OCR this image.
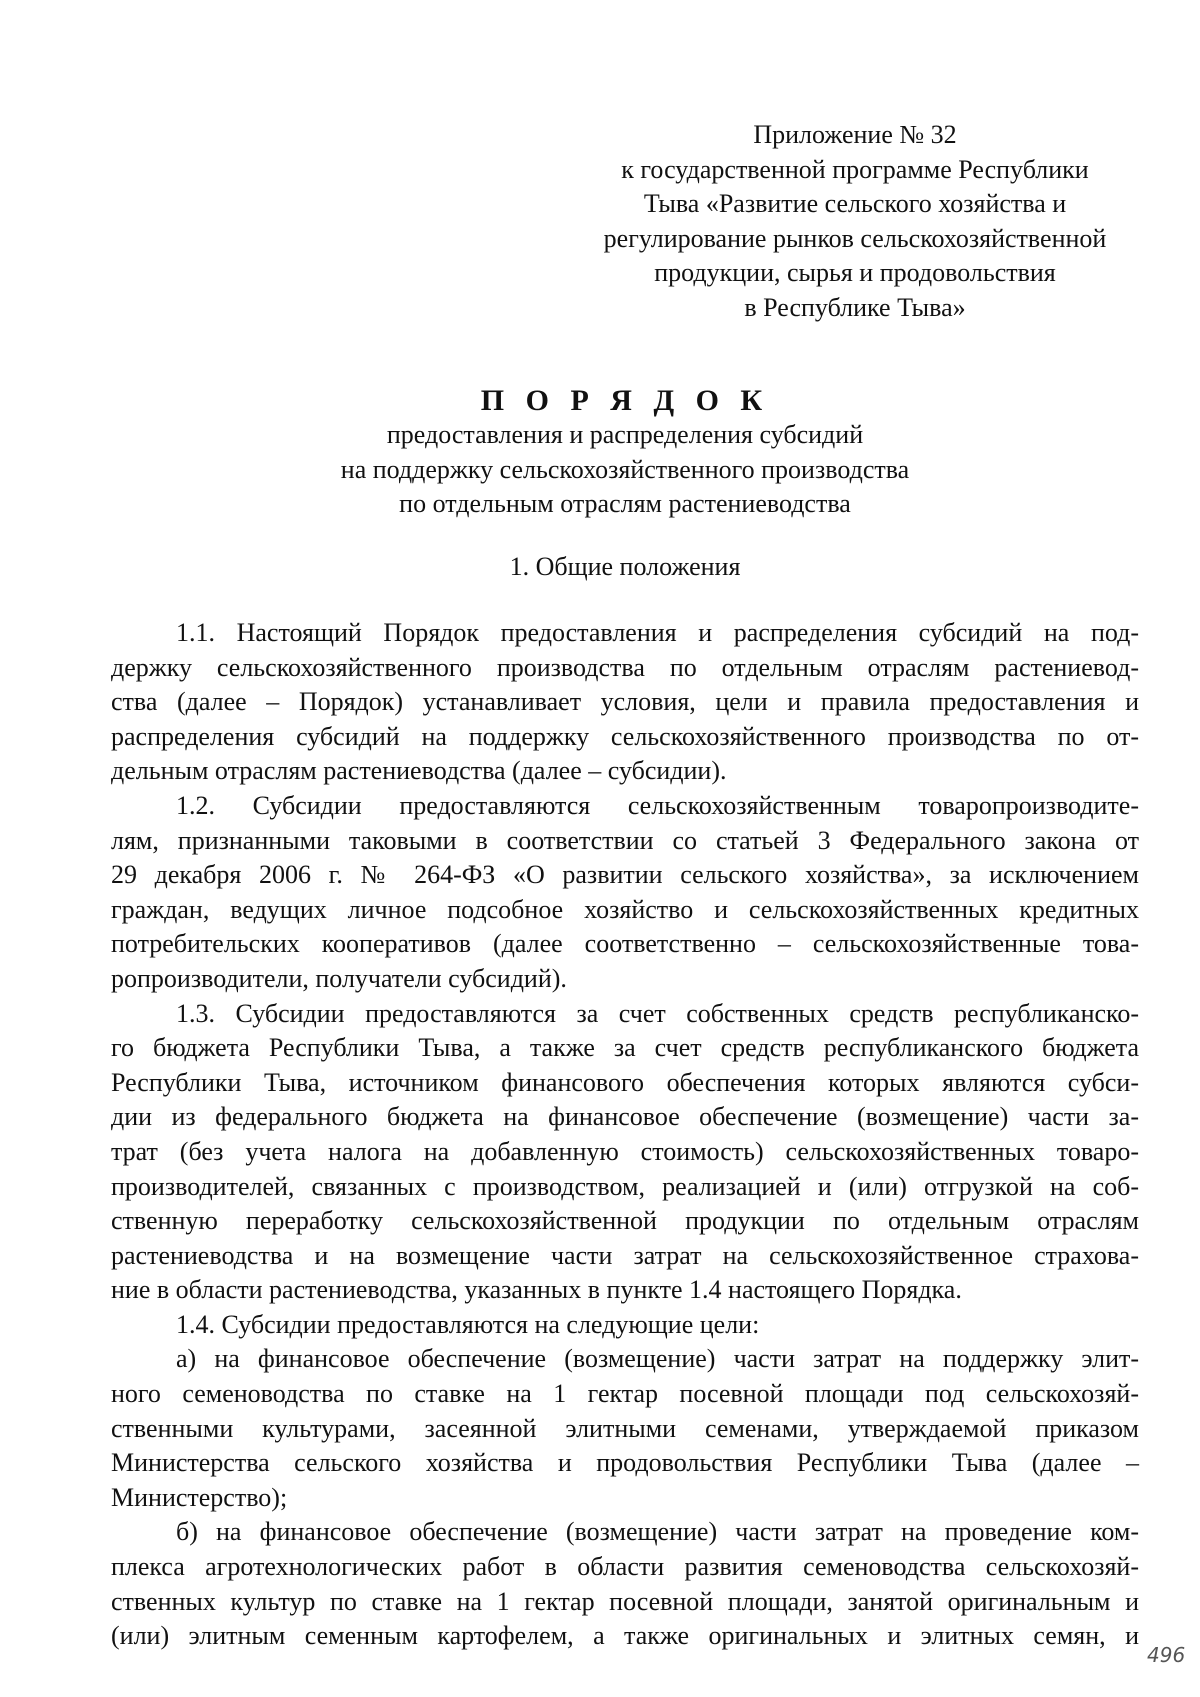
Приложение № 32
к государственной программе Республики
Тыва «Развитие сельского хозяйства и
регулирование рынков сельскохозяйственной
продукции, сырья и продовольствия
в Республике Тыва»
П О Р Я Д О К
предоставления и распределения субсидий
на поддержку сельскохозяйственного производства
по отдельным отраслям растениеводства
1. Общие положения
1.1. Настоящий Порядок предоставления и распределения субсидий на под-
держку сельскохозяйственного производства по отдельным отраслям растениевод-
ства (далее – Порядок) устанавливает условия, цели и правила предоставления и
распределения субсидий на поддержку сельскохозяйственного производства по от-
дельным отраслям растениеводства (далее – субсидии).
1.2. Субсидии предоставляются сельскохозяйственным товаропроизводите-
лям, признанными таковыми в соответствии со статьей 3 Федерального закона от
29 декабря 2006 г. № 264-ФЗ «О развитии сельского хозяйства», за исключением
граждан, ведущих личное подсобное хозяйство и сельскохозяйственных кредитных
потребительских кооперативов (далее соответственно – сельскохозяйственные това-
ропроизводители, получатели субсидий).
1.3. Субсидии предоставляются за счет собственных средств республиканско-
го бюджета Республики Тыва, а также за счет средств республиканского бюджета
Республики Тыва, источником финансового обеспечения которых являются субси-
дии из федерального бюджета на финансовое обеспечение (возмещение) части за-
трат (без учета налога на добавленную стоимость) сельскохозяйственных товаро-
производителей, связанных с производством, реализацией и (или) отгрузкой на соб-
ственную переработку сельскохозяйственной продукции по отдельным отраслям
растениеводства и на возмещение части затрат на сельскохозяйственное страхова-
ние в области растениеводства, указанных в пункте 1.4 настоящего Порядка.
1.4. Субсидии предоставляются на следующие цели:
а) на финансовое обеспечение (возмещение) части затрат на поддержку элит-
ного семеноводства по ставке на 1 гектар посевной площади под сельскохозяй-
ственными культурами, засеянной элитными семенами, утверждаемой приказом
Министерства сельского хозяйства и продовольствия Республики Тыва (далее –
Министерство);
б) на финансовое обеспечение (возмещение) части затрат на проведение ком-
плекса агротехнологических работ в области развития семеноводства сельскохозяй-
ственных культур по ставке на 1 гектар посевной площади, занятой оригинальным и
(или) элитным семенным картофелем, а также оригинальных и элитных семян, и
496
